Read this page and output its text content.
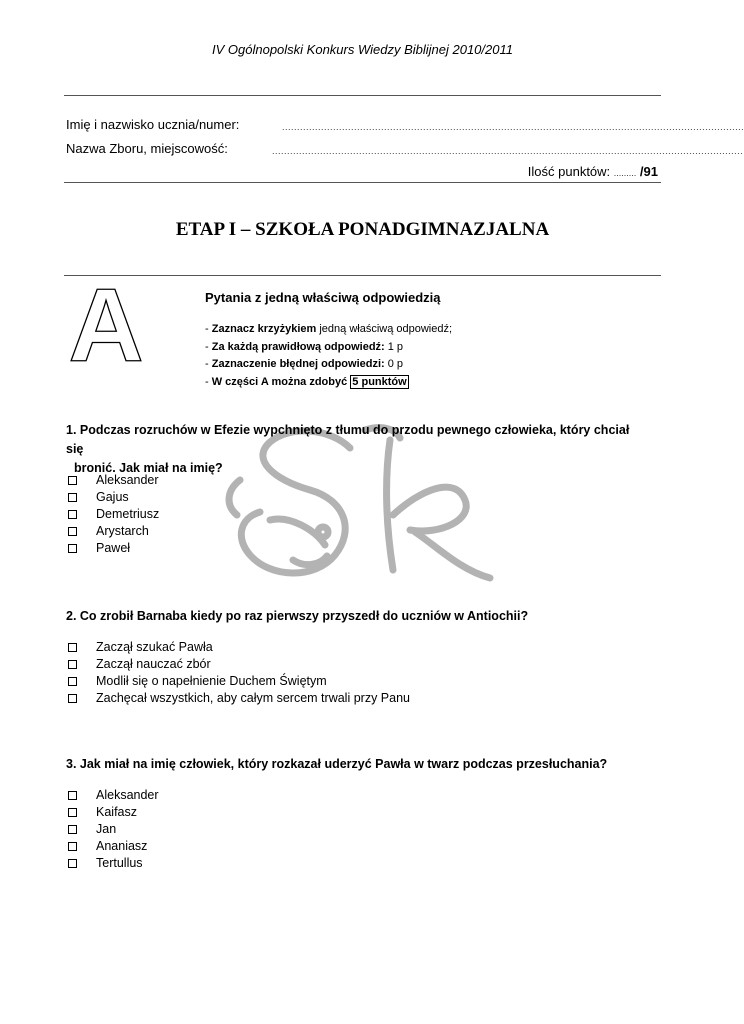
IV Ogólnopolski Konkurs Wiedzy Biblijnej 2010/2011
Imię i nazwisko ucznia/numer:	..........................................................................................................................................................
Nazwa Zboru, miejscowość:	.............................................................................................................................................................
Ilość punktów: ......... /91
ETAP I – SZKOŁA PONADGIMNAZJALNA
A	Pytania z jedną właściwą odpowiedzią
- Zaznacz krzyżykiem jedną właściwą odpowiedź;
- Za każdą prawidłową odpowiedź: 1 p
- Zaznaczenie błędnej odpowiedzi: 0 p
- W części A można zdobyć 5 punktów
1. Podczas rozruchów w Efezie wypchnięto z tłumu do przodu pewnego człowieka, który chciał się
bronić. Jak miał na imię?
Aleksander
Gajus
Demetriusz
Arystarch
Paweł
2. Co zrobił Barnaba kiedy po raz pierwszy przyszedł do uczniów w Antiochii?
Zaczął szukać Pawła
Zaczął nauczać zbór
Modlił się o napełnienie Duchem Świętym
Zachęcał wszystkich, aby całym sercem trwali przy Panu
3. Jak miał na imię człowiek, który rozkazał uderzyć Pawła w twarz podczas przesłuchania?
Aleksander
Kaifasz
Jan
Ananiasz
Tertullus
